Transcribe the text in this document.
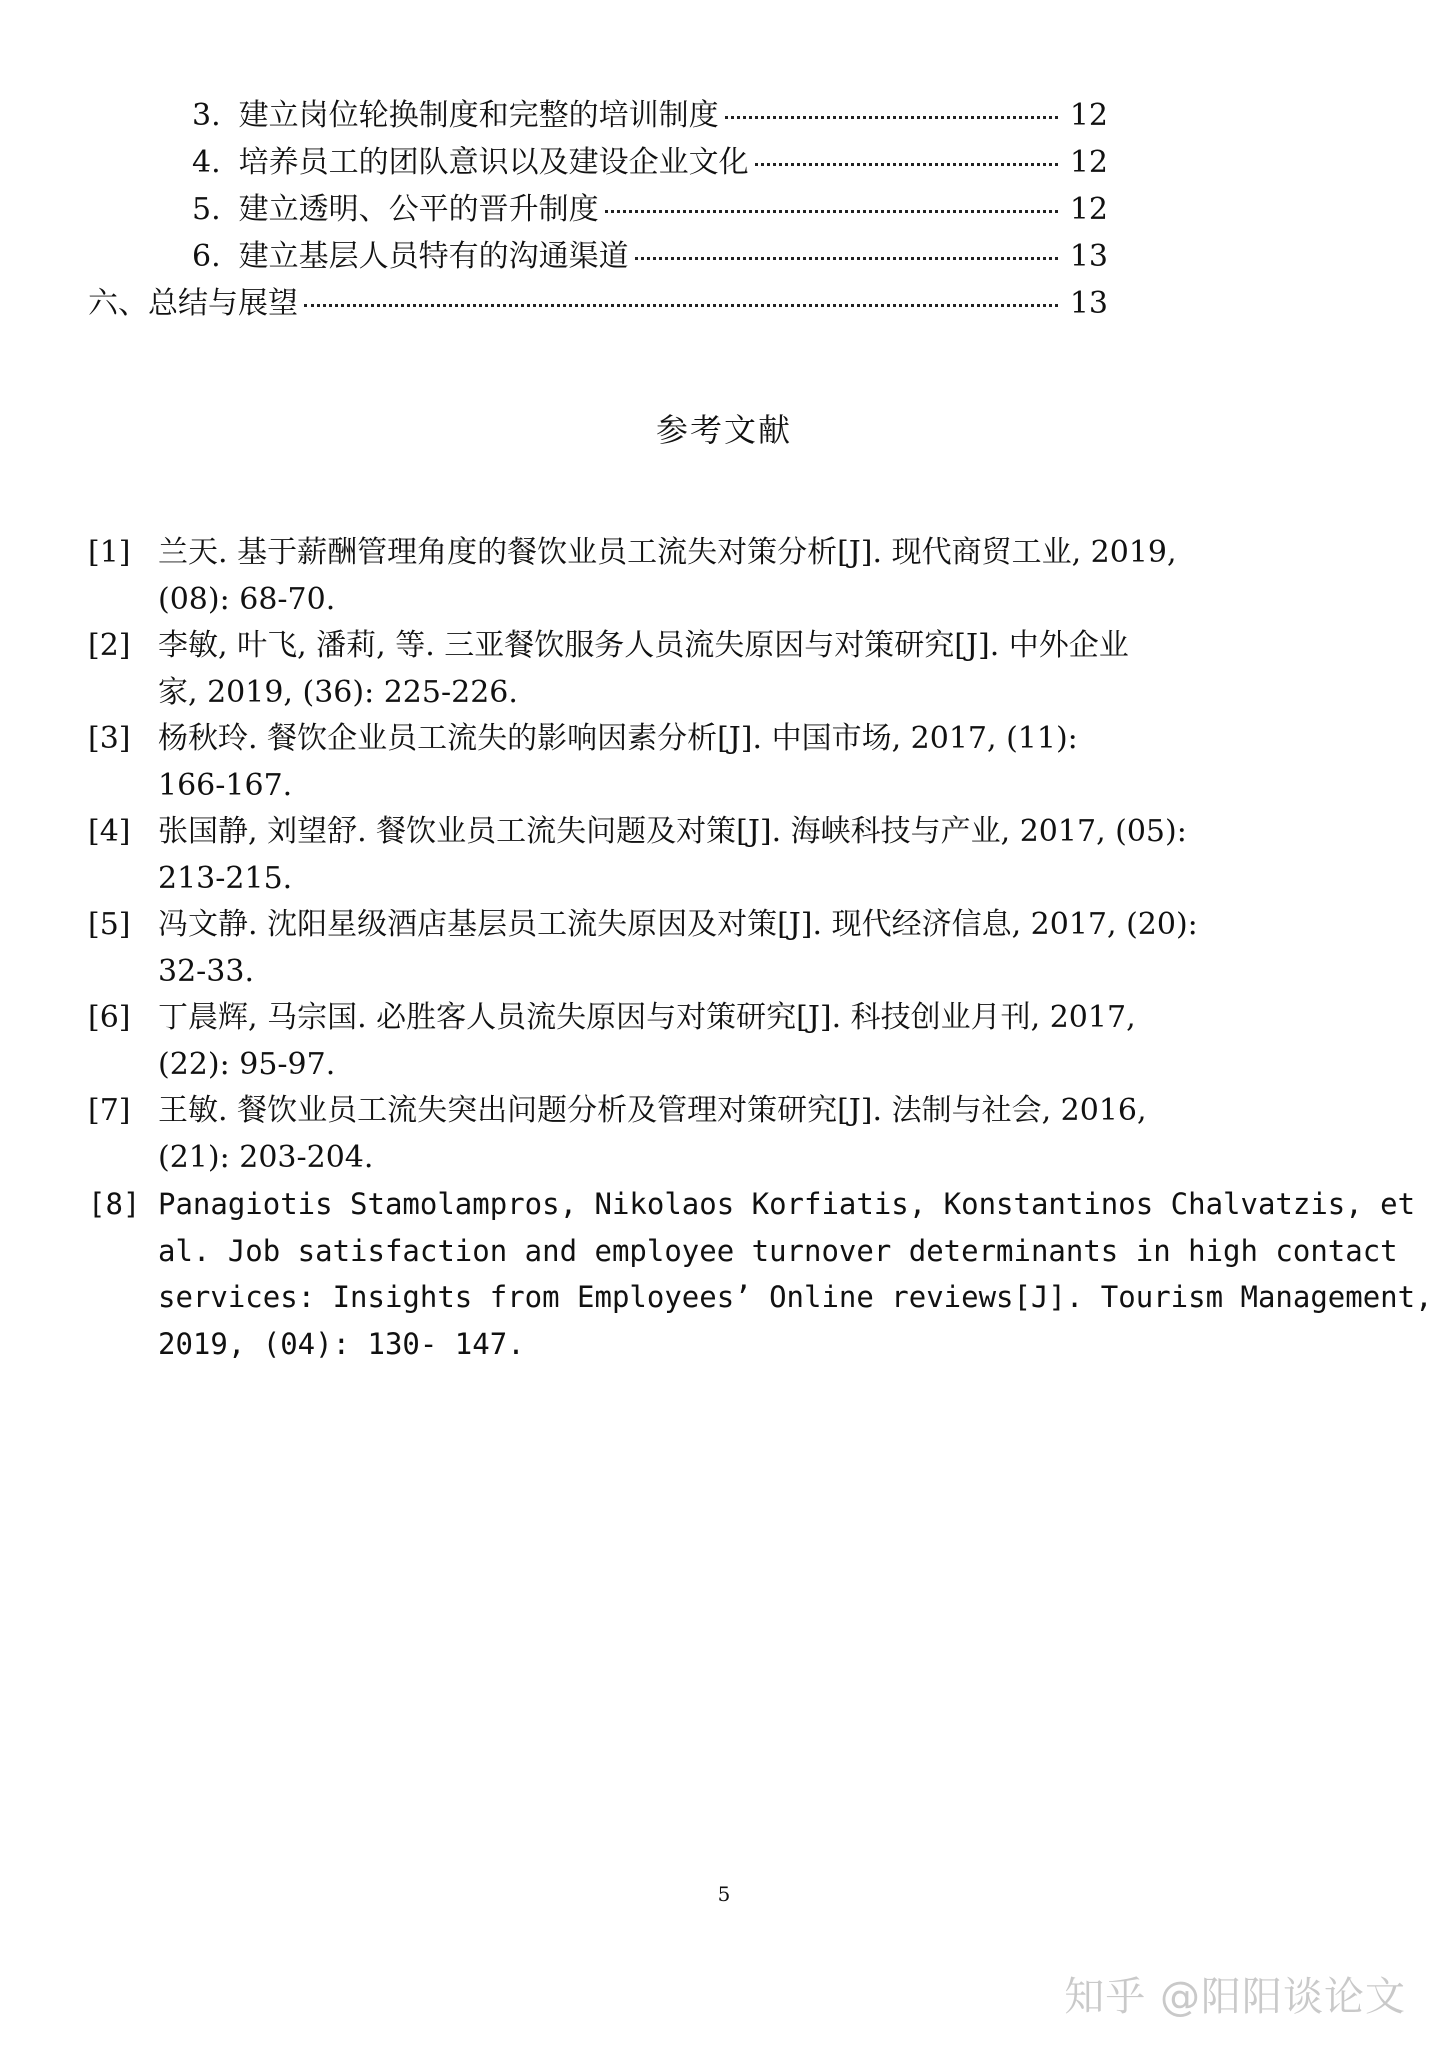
3. 建立岗位轮换制度和完整的培训制度	12
4. 培养员工的团队意识以及建设企业文化	12
5. 建立透明、公平的晋升制度	12
6. 建立基层人员特有的沟通渠道	13
六、总结与展望	13
参考文献
[1] 兰天. 基于薪酬管理角度的餐饮业员工流失对策分析[J]. 现代商贸工业, 2019,
(08): 68-70.
[2] 李敏, 叶飞, 潘莉, 等. 三亚餐饮服务人员流失原因与对策研究[J]. 中外企业
家, 2019, (36): 225-226.
[3] 杨秋玲. 餐饮企业员工流失的影响因素分析[J]. 中国市场, 2017, (11):
166-167.
[4] 张国静, 刘望舒. 餐饮业员工流失问题及对策[J]. 海峡科技与产业, 2017, (05):
213-215.
[5] 冯文静. 沈阳星级酒店基层员工流失原因及对策[J]. 现代经济信息, 2017, (20):
32-33.
[6] 丁晨辉, 马宗国. 必胜客人员流失原因与对策研究[J]. 科技创业月刊, 2017,
(22): 95-97.
[7] 王敏. 餐饮业员工流失突出问题分析及管理对策研究[J]. 法制与社会, 2016,
(21): 203-204.
[8] Panagiotis Stamolampros, Nikolaos Korfiatis, Konstantinos Chalvatzis, et
al. Job satisfaction and employee turnover determinants in high contact
services: Insights from Employees’ Online reviews[J]. Tourism Management,
2019, (04): 130- 147.
5
知乎 @阳阳谈论文
